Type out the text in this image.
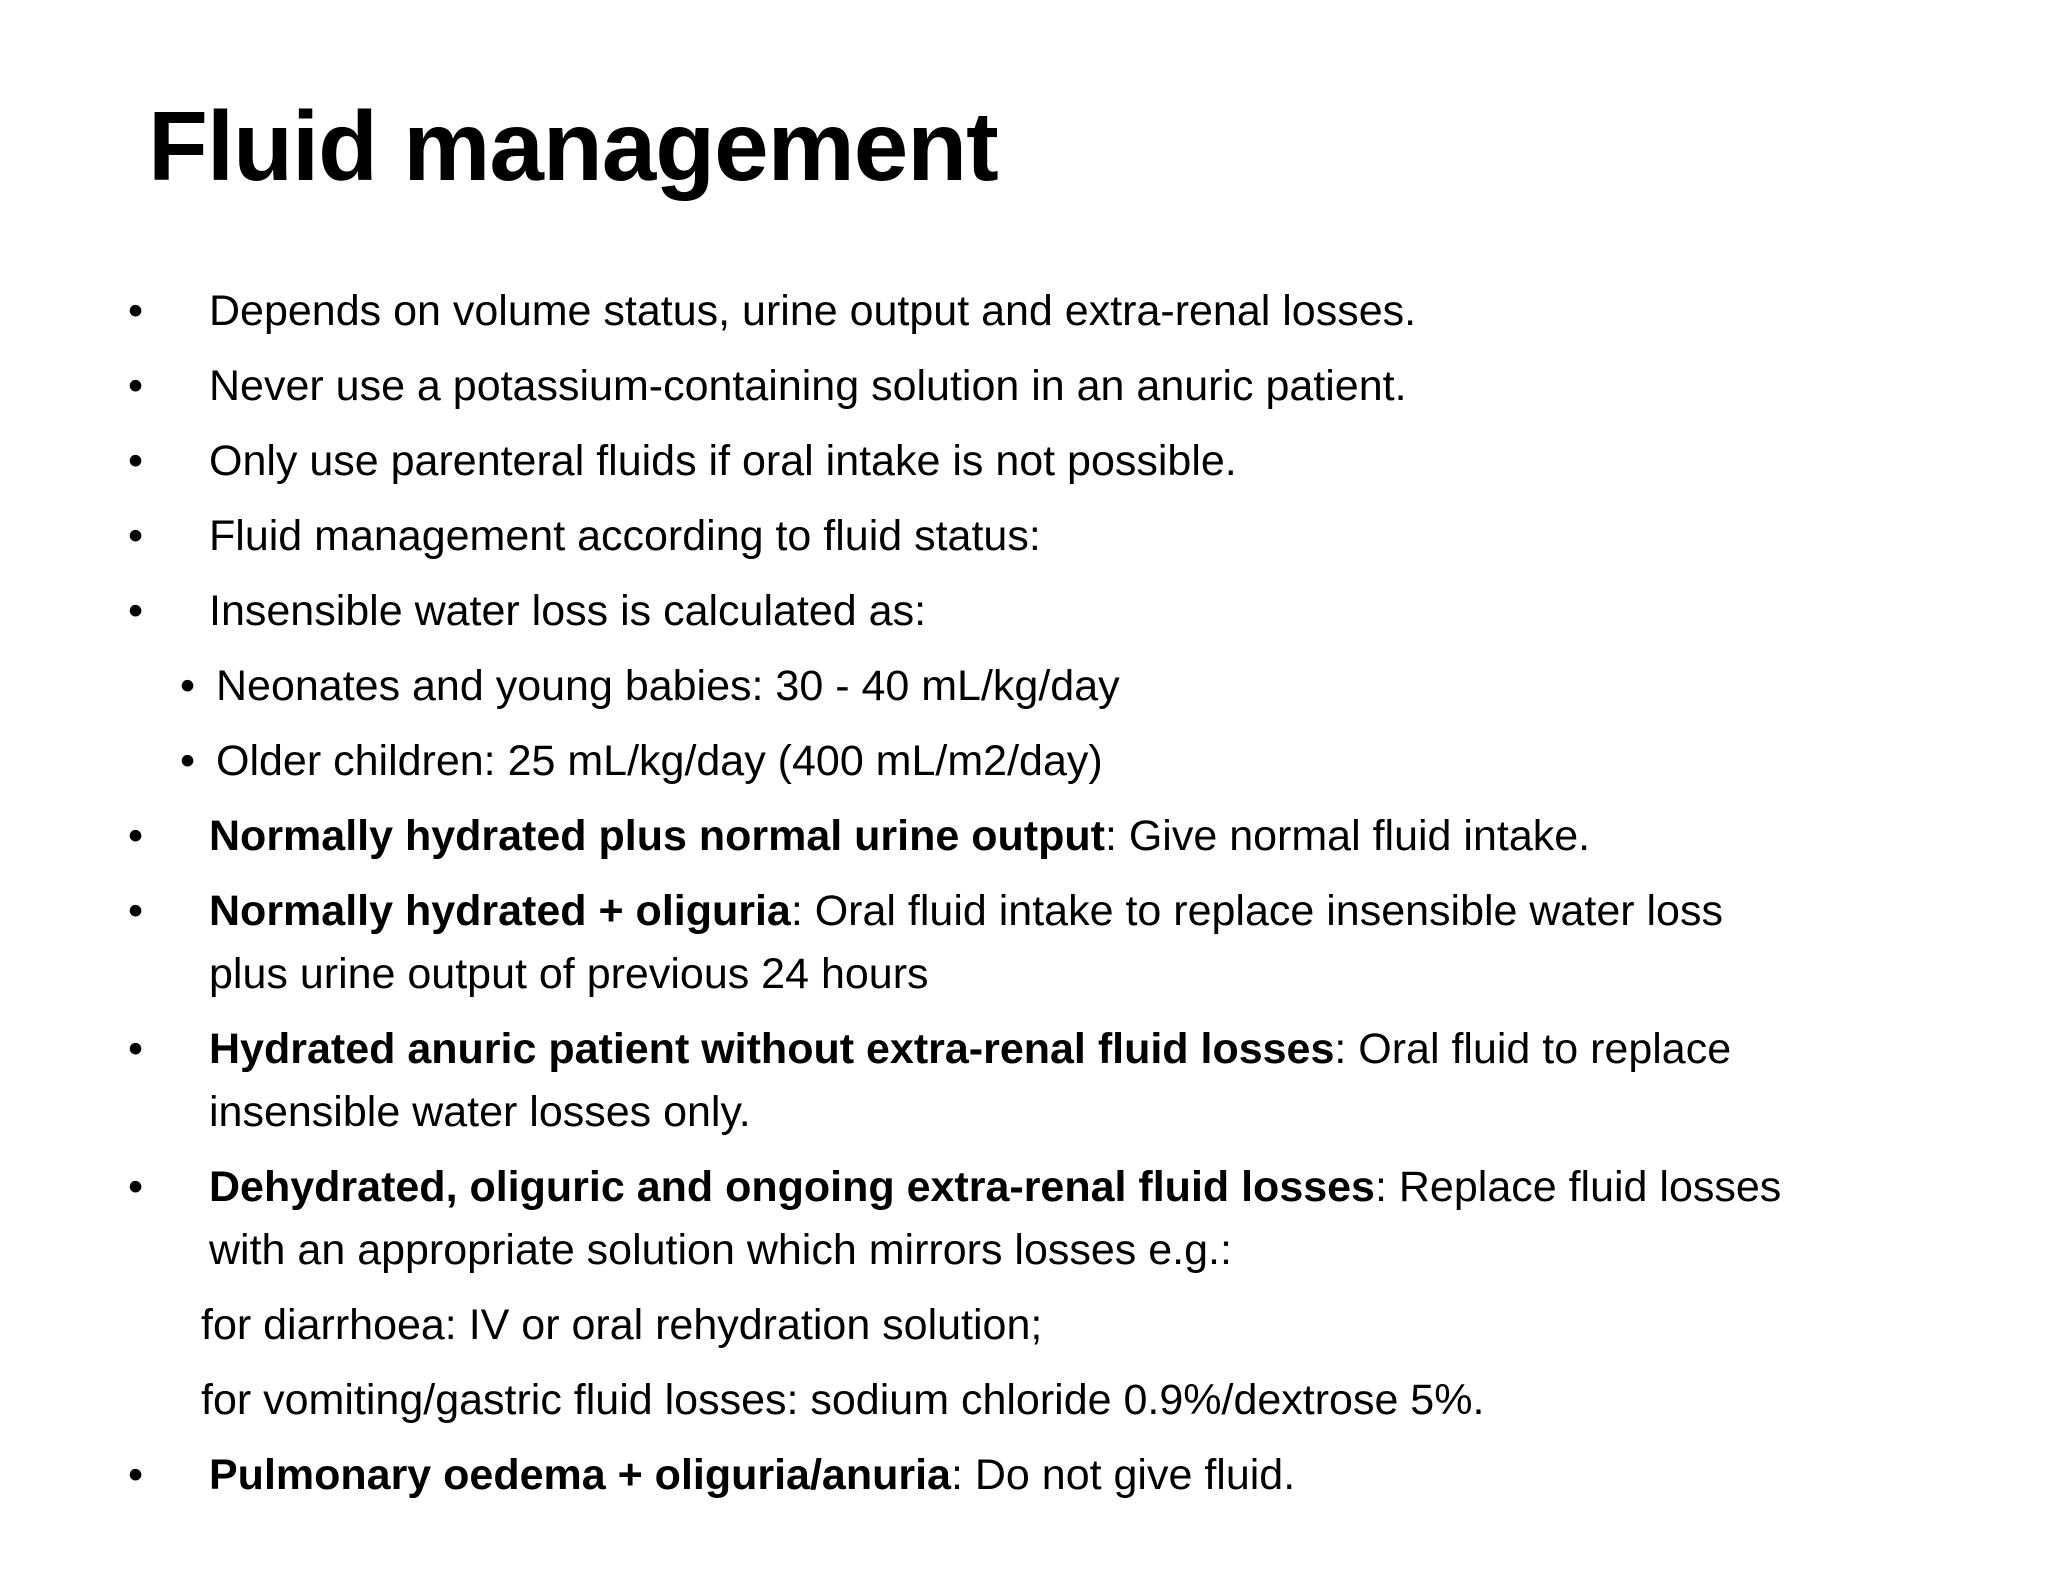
Fluid management
• Depends on volume status, urine output and extra-renal losses.
• Never use a potassium-containing solution in an anuric patient.
• Only use parenteral fluids if oral intake is not possible.
• Fluid management according to fluid status:
• Insensible water loss is calculated as:
• Neonates and young babies: 30 - 40 mL/kg/day
• Older children: 25 mL/kg/day (400 mL/m2/day)
• Normally hydrated plus normal urine output: Give normal fluid intake.
• Normally hydrated + oliguria: Oral fluid intake to replace insensible water loss
plus urine output of previous 24 hours
• Hydrated anuric patient without extra-renal fluid losses: Oral fluid to replace
insensible water losses only.
• Dehydrated, oliguric and ongoing extra-renal fluid losses: Replace fluid losses
with an appropriate solution which mirrors losses e.g.:
for diarrhoea: IV or oral rehydration solution;
for vomiting/gastric fluid losses: sodium chloride 0.9%/dextrose 5%.
• Pulmonary oedema + oliguria/anuria: Do not give fluid.
